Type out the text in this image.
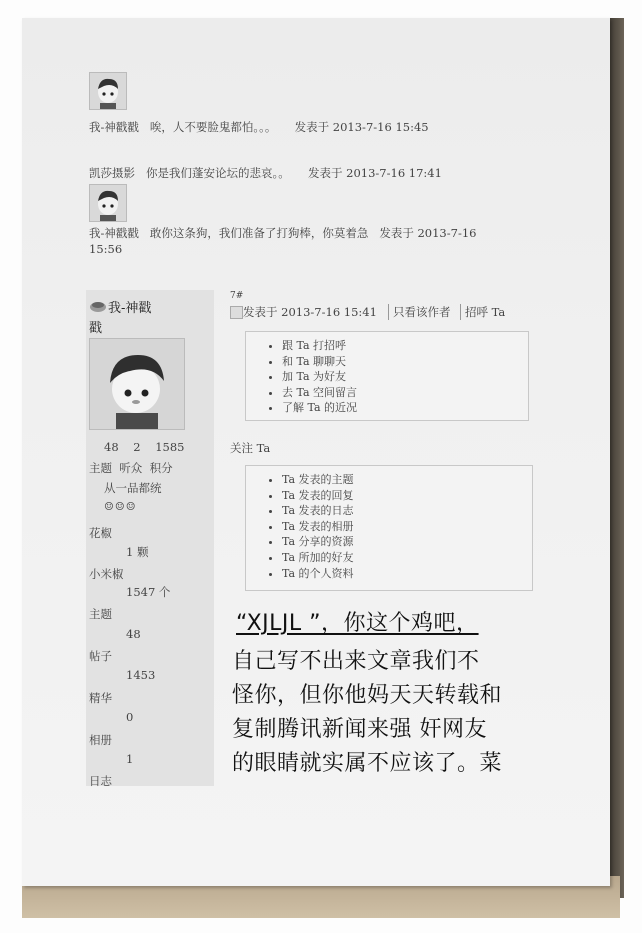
我-神戳戳 唉，人不要脸鬼都怕。。。 发表于 2013-7-16 15:45
凯莎摄影 你是我们蓬安论坛的悲哀。。 发表于 2013-7-16 17:41
我-神戳戳 敢你这条狗，我们准备了打狗棒，你莫着急 发表于 2013-7-16
15:56
我-神戳
戳
48    2    1585
主题  听众  积分
从一品都统
☺☺☺
花椒
1 颗
小米椒
1547 个
主题
48
帖子
1453
精华
0
相册
1
日志
7#
发表于 2013-7-16 15:41	只看该作者	招呼 Ta
• 跟 Ta 打招呼
• 和 Ta 聊聊天
• 加 Ta 为好友
• 去 Ta 空间留言
• 了解 Ta 的近况
关注 Ta
• Ta 发表的主题
• Ta 发表的回复
• Ta 发表的日志
• Ta 发表的相册
• Ta 分享的资源
• Ta 所加的好友
• Ta 的个人资料
“XJLJL ”，你这个鸡吧，
自己写不出来文章我们不
怪你，但你他妈天天转载和
复制腾讯新闻来强 奸网友
的眼睛就实属不应该了。菜
